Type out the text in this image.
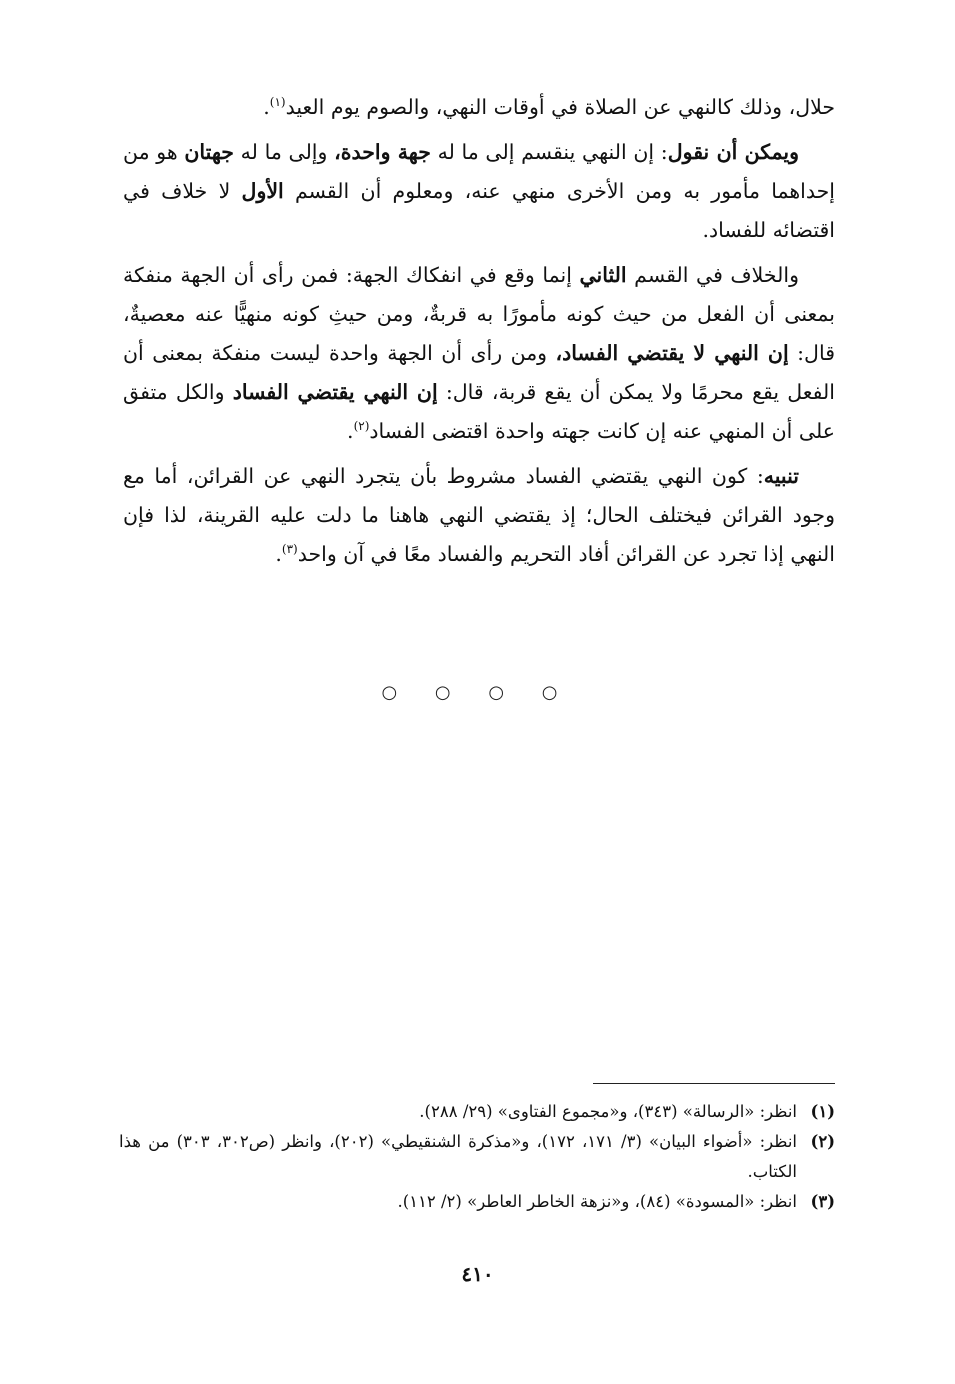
حلال، وذلك كالنهي عن الصلاة في أوقات النهي، والصوم يوم العيد$^{(١)}$.

ويمكن أن نقول: إن النهي ينقسم إلى ما له جهة واحدة، وإلى ما له جهتان هو من إحداهما مأمور به ومن الأخرى منهي عنه، ومعلوم أن القسم الأول لا خلاف في اقتضائه للفساد.

والخلاف في القسم الثاني إنما وقع في انفكاك الجهة: فمن رأى أن الجهة منفكة بمعنى أن الفعل من حيث كونه مأمورًا به قربةٌ، ومن حيثِ كونه منهيًّا عنه معصيةٌ، قال: إن النهي لا يقتضي الفساد، ومن رأى أن الجهة واحدة ليست منفكة بمعنى أن الفعل يقع محرمًا ولا يمكن أن يقع قربة، قال: إن النهي يقتضي الفساد والكل متفق على أن المنهي عنه إن كانت جهته واحدة اقتضى الفساد$^{(٢)}$.

تنبيه: كون النهي يقتضي الفساد مشروط بأن يتجرد النهي عن القرائن، أما مع وجود القرائن فيختلف الحال؛ إذ يقتضي النهي هاهنا ما دلت عليه القرينة، لذا فإن النهي إذا تجرد عن القرائن أفاد التحريم والفساد معًا في آن واحد$^{(٣)}$.

○ ○ ○ ○
(١)
انظر: «الرسالة» (٣٤٣)، و«مجموع الفتاوى» (٢٩/ ٢٨٨).
(٢)
انظر: «أضواء البيان» (٣/ ١٧١، ١٧٢)، و«مذكرة الشنقيطي» (٢٠٢)، وانظر (ص٣٠٢، ٣٠٣) من هذا الكتاب.
(٣)
انظر: «المسودة» (٨٤)، و«نزهة الخاطر العاطر» (٢/ ١١٢).
٤١٠
